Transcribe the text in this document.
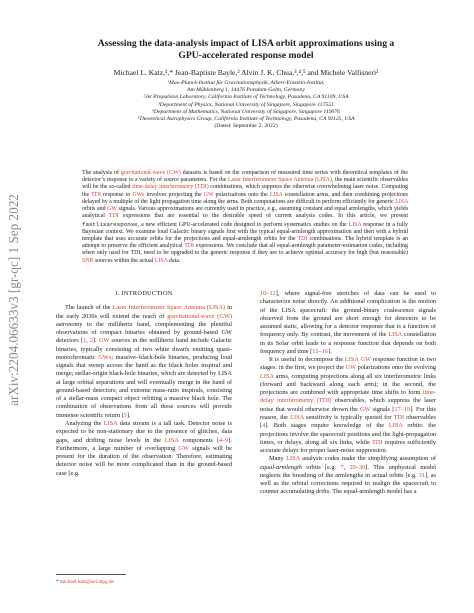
arXiv:2204.06633v3 [gr-qc] 1 Sep 2022
Assessing the data-analysis impact of LISA orbit approximations using a
GPU-accelerated response model
Michael L. Katz,¹,* Jean-Baptiste Bayle,² Alvin J. K. Chua,³,⁴,⁵ and Michele Vallisneri²
¹Max-Planck-Institut für Gravitationsphysik, Albert-Einstein-Institut,
Am Mühlenberg 1, 14476 Potsdam-Golm, Germany
²Jet Propulsion Laboratory, California Institute of Technology, Pasadena, CA 91109, USA
³Department of Physics, National University of Singapore, Singapore 117551
⁴Department of Mathematics, National University of Singapore, Singapore 119076
⁵Theoretical Astrophysics Group, California Institute of Technology, Pasadena, CA 91125, USA
(Dated: September 2, 2022)
The analysis of gravitational-wave (GW) datasets is based on the comparison of measured time series with theoretical templates of the detector’s response to a variety of source parameters. For the Laser Interferometer Space Antenna (LISA), the main scientific observables will be the so-called time-delay interferometry (TDI) combinations, which suppress the otherwise overwhelming laser noise. Computing the TDI response to GWs involves projecting the GW polarizations onto the LISA constellation arms, and then combining projections delayed by a multiple of the light propagation time along the arms. Both computations are difficult to perform efficiently for generic LISA orbits and GW signals. Various approximations are currently used in practice, e.g., assuming constant and equal armlengths, which yields analytical TDI expressions that are essential to the desirable speed of current analysis codes. In this article, we present fastlisaresponse, a new efficient GPU-accelerated code designed to perform systematics studies on the LISA response in a fully Bayesian context. We examine loud Galactic binary signals first with the typical equal-armlength approximation and then with a hybrid template that uses accurate orbits for the projections and equal-armlength orbits for the TDI combinations. The hybrid template is an attempt to preserve the efficient analytical TDI expressions. We conclude that all equal-armlength parameter-estimation codes, including when only used for TDI, need to be upgraded to the generic response if they are to achieve optimal accuracy for high (but reasonable) SNR sources within the actual LISA data.
I. INTRODUCTION

The launch of the Laser Interferometer Space Antenna (LISA) in the early 2030s will extend the reach of gravitational-wave (GW) astronomy to the millihertz band, complementing the plentiful observations of compact binaries obtained by ground-based GW detectors [1, 2]. GW sources in the millihertz band include Galactic binaries, typically consisting of two white dwarfs emitting quasi-monochromatic GWs; massive–black-hole binaries, producing loud signals that sweep across the band as the black holes inspiral and merge; stellar-origin black-hole binaries, which are detected by LISA at large orbital separations and will eventually merge in the band of ground-based detectors; and extreme mass-ratio inspirals, consisting of a stellar-mass compact object orbiting a massive black hole. The combination of observations from all these sources will provide immense scientific return [3].

Analyzing the LISA data stream is a tall task. Detector noise is expected to be non-stationary due to the presence of glitches, data gaps, and drifting noise levels in the LISA components [4–9]. Furthermore, a large number of overlapping GW signals will be present for the duration of the observation. Therefore, estimating detector noise will be more complicated than in the ground-based case [e.g.

10–12], where signal-free stretches of data can be used to characterize noise directly. An additional complication is the motion of the LISA spacecraft: the ground-binary coalescence signals observed from the ground are short enough for detectors to be assumed static, allowing for a detector response that is a function of frequency only. By contrast, the movement of the LISA constellation in its Solar orbit leads to a response function that depends on both frequency and time [13–16].

It is useful to decompose the LISA GW response function in two stages: in the first, we project the GW polarizations onto the evolving LISA arms, computing projections along all six interferometric links (forward and backward along each arm); in the second, the projections are combined with appropriate time shifts to form time-delay interferometry (TDI) observables, which suppress the laser noise that would otherwise drown the GW signals [17–19]. For this reason, the LISA sensitivity is typically quoted for TDI observables [4]. Both stages require knowledge of the LISA orbits: the projections involve the spacecraft positions and the light-propagation times, or delays, along all six links, while TDI requires sufficiently accurate delays for proper laser-noise suppression.

Many LISA analysis codes make the simplifying assumption of equal-armlength orbits [e.g. 7, 20–30]. This unphysical model neglects the breathing of the armlengths in actual orbits [e.g. 31], as well as the orbital corrections required to realign the spacecraft to counter accumulating drifts. The equal-armlength model has a

* michael.katz@aei.mpg.de
